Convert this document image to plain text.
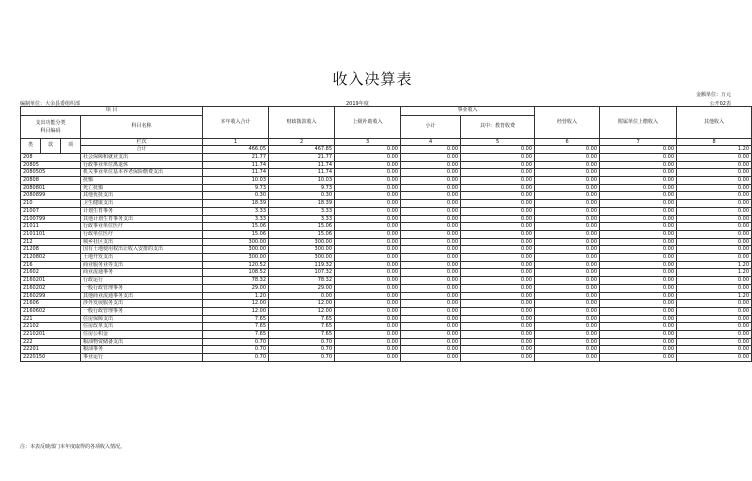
收入决算表
金额单位：万元
编制单位：大余县委组织部	2019年度	公开02表
项 目				本年收入合计	财政拨款收入	上级补助收入	事业收入		经营收入	附属单位上缴收入	其他收入
支出功能分类
科目编码			科目名称				小计	其中：教育收费			

类	款	项	栏次	1	2	3	4	5	6	7	8
			合计	466.05	467.85	0.00	0.00	0.00	0.00	0.00	1.20
208			社会保障和就业支出	21.77	21.77	0.00	0.00	0.00	0.00	0.00	0.00
20805			行政事业单位离退休	11.74	11.74	0.00	0.00	0.00	0.00	0.00	0.00
2080505			机关事业单位基本养老保险缴费支出	11.74	11.74	0.00	0.00	0.00	0.00	0.00	0.00
20808			抚恤	10.03	10.03	0.00	0.00	0.00	0.00	0.00	0.00
2080801			死亡抚恤	9.73	9.73	0.00	0.00	0.00	0.00	0.00	0.00
2080899			其他优抚支出	0.30	0.30	0.00	0.00	0.00	0.00	0.00	0.00
210			卫生健康支出	18.39	18.39	0.00	0.00	0.00	0.00	0.00	0.00
21007			计划生育事务	3.33	3.33	0.00	0.00	0.00	0.00	0.00	0.00
2100799			其他计划生育事务支出	3.33	3.33	0.00	0.00	0.00	0.00	0.00	0.00
21011			行政事业单位医疗	15.06	15.06	0.00	0.00	0.00	0.00	0.00	0.00
2101101			行政单位医疗	15.06	15.06	0.00	0.00	0.00	0.00	0.00	0.00
212			城乡社区支出	300.00	300.00	0.00	0.00	0.00	0.00	0.00	0.00
21208			国有土地使用权出让收入安排的支出	300.00	300.00	0.00	0.00	0.00	0.00	0.00	0.00
2120802			土地开发支出	300.00	300.00	0.00	0.00	0.00	0.00	0.00	0.00
216			商业服务业等支出	120.52	119.32	0.00	0.00	0.00	0.00	0.00	1.20
21602			商业流通事务	108.52	107.32	0.00	0.00	0.00	0.00	0.00	1.20
2160201			行政运行	78.32	78.32	0.00	0.00	0.00	0.00	0.00	0.00
2160202			一般行政管理事务	29.00	29.00	0.00	0.00	0.00	0.00	0.00	0.00
2160299			其他商业流通事务支出	1.20	0.00	0.00	0.00	0.00	0.00	0.00	1.20
21606			涉外发展服务支出	12.00	12.00	0.00	0.00	0.00	0.00	0.00	0.00
2160602			一般行政管理事务	12.00	12.00	0.00	0.00	0.00	0.00	0.00	0.00
221			住房保障支出	7.65	7.65	0.00	0.00	0.00	0.00	0.00	0.00
22102			住房改革支出	7.65	7.65	0.00	0.00	0.00	0.00	0.00	0.00
2210201			住房公积金	7.65	7.65	0.00	0.00	0.00	0.00	0.00	0.00
222			粮油物资储备支出	0.70	0.70	0.00	0.00	0.00	0.00	0.00	0.00
22201			粮油事务	0.70	0.70	0.00	0.00	0.00	0.00	0.00	0.00
2220150			事业运行	0.70	0.70	0.00	0.00	0.00	0.00	0.00	0.00
注：本表反映部门本年度取得的各项收入情况。
